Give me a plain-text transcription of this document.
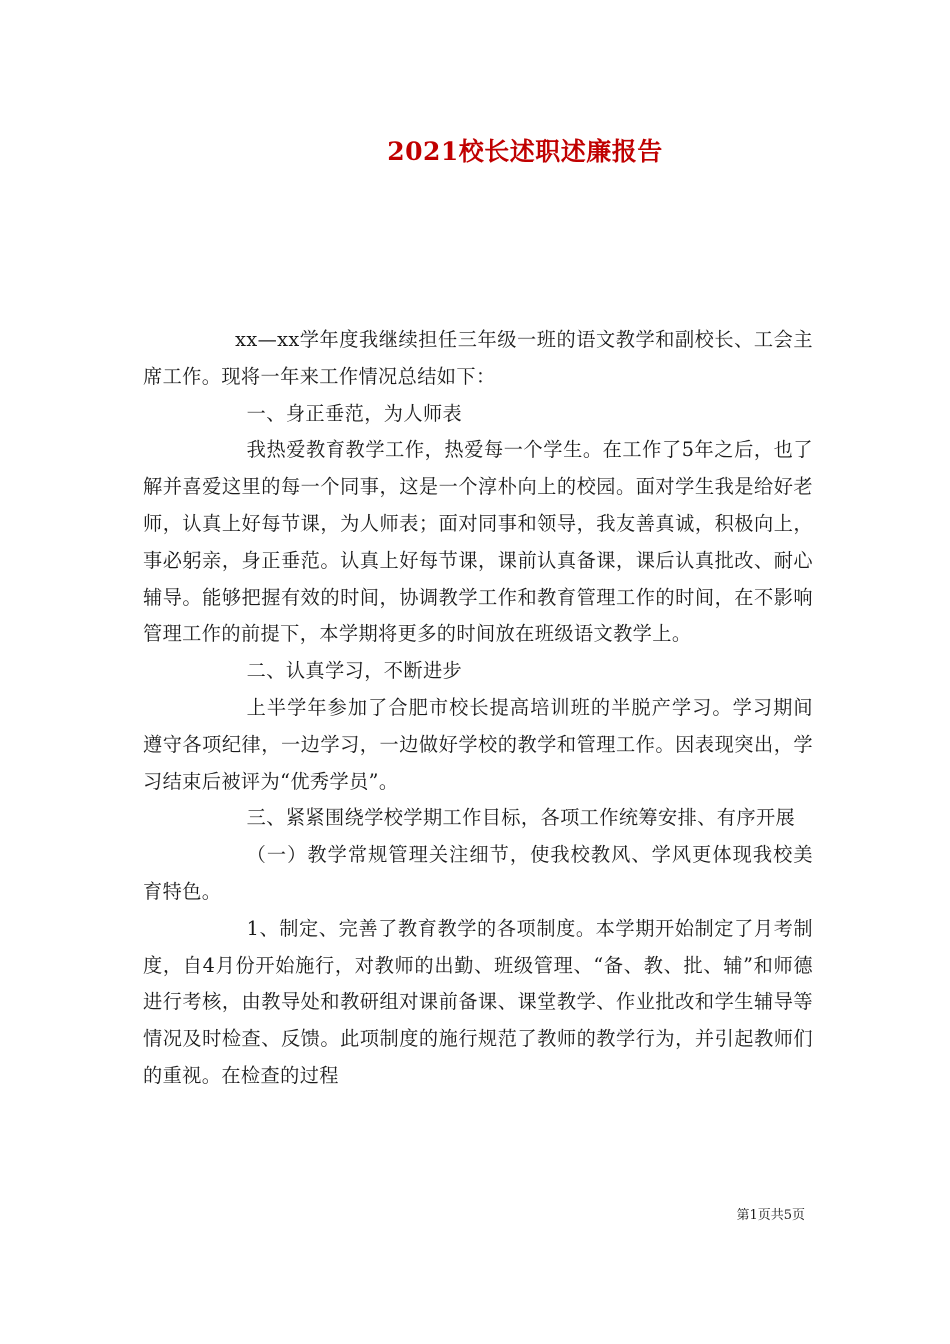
2021校长述职述廉报告

xx—xx学年度我继续担任三年级一班的语文教学和副校长、工会主席工作。现将一年来工作情况总结如下：

一、身正垂范，为人师表

我热爱教育教学工作，热爱每一个学生。在工作了5年之后，也了解并喜爱这里的每一个同事，这是一个淳朴向上的校园。面对学生我是给好老师，认真上好每节课，为人师表；面对同事和领导，我友善真诚，积极向上，事必躬亲，身正垂范。认真上好每节课，课前认真备课，课后认真批改、耐心辅导。能够把握有效的时间，协调教学工作和教育管理工作的时间，在不影响管理工作的前提下，本学期将更多的时间放在班级语文教学上。

二、认真学习，不断进步

上半学年参加了合肥市校长提高培训班的半脱产学习。学习期间遵守各项纪律，一边学习，一边做好学校的教学和管理工作。因表现突出，学习结束后被评为“优秀学员”。

三、紧紧围绕学校学期工作目标，各项工作统筹安排、有序开展

（一）教学常规管理关注细节，使我校教风、学风更体现我校美育特色。

1、制定、完善了教育教学的各项制度。本学期开始制定了月考制度，自4月份开始施行，对教师的出勤、班级管理、“备、教、批、辅”和师德进行考核，由教导处和教研组对课前备课、课堂教学、作业批改和学生辅导等情况及时检查、反馈。此项制度的施行规范了教师的教学行为，并引起教师们的重视。在检查的过程

第1页共5页
